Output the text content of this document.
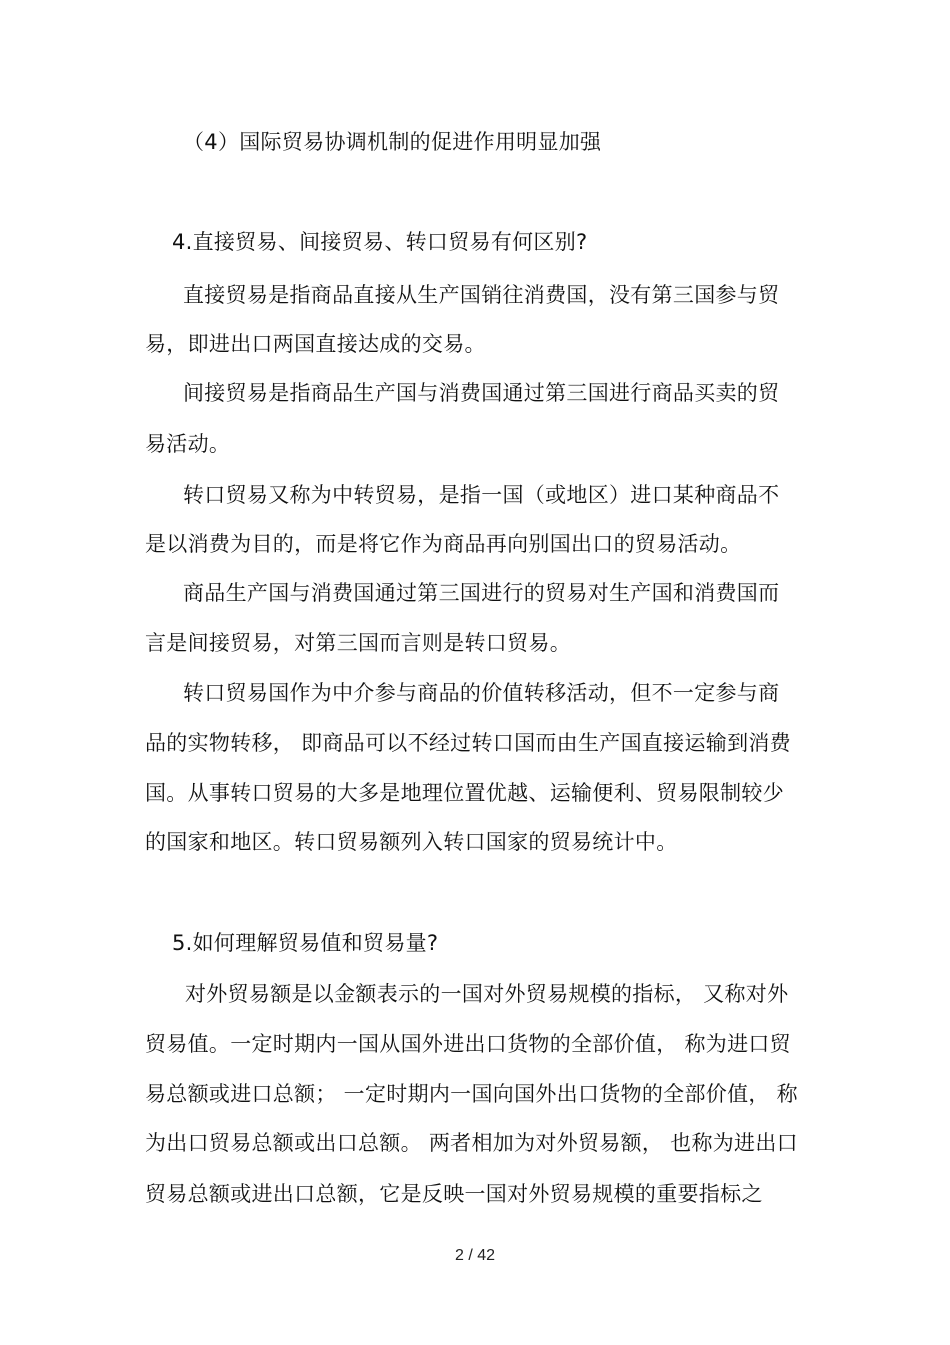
（4）国际贸易协调机制的促进作用明显加强
4.直接贸易、间接贸易、转口贸易有何区别?
直接贸易是指商品直接从生产国销往消费国，没有第三国参与贸
易，即进出口两国直接达成的交易。
间接贸易是指商品生产国与消费国通过第三国进行商品买卖的贸
易活动。
转口贸易又称为中转贸易，是指一国（或地区）进口某种商品不
是以消费为目的，而是将它作为商品再向别国出口的贸易活动。
商品生产国与消费国通过第三国进行的贸易对生产国和消费国而
言是间接贸易，对第三国而言则是转口贸易。
转口贸易国作为中介参与商品的价值转移活动，但不一定参与商
品的实物转移， 即商品可以不经过转口国而由生产国直接运输到消费
国。从事转口贸易的大多是地理位置优越、运输便利、贸易限制较少
的国家和地区。转口贸易额列入转口国家的贸易统计中。
5.如何理解贸易值和贸易量?
对外贸易额是以金额表示的一国对外贸易规模的指标， 又称对外
贸易值。一定时期内一国从国外进出口货物的全部价值， 称为进口贸
易总额或进口总额； 一定时期内一国向国外出口货物的全部价值， 称
为出口贸易总额或出口总额。 两者相加为对外贸易额， 也称为进出口
贸易总额或进出口总额，它是反映一国对外贸易规模的重要指标之
2 / 42
